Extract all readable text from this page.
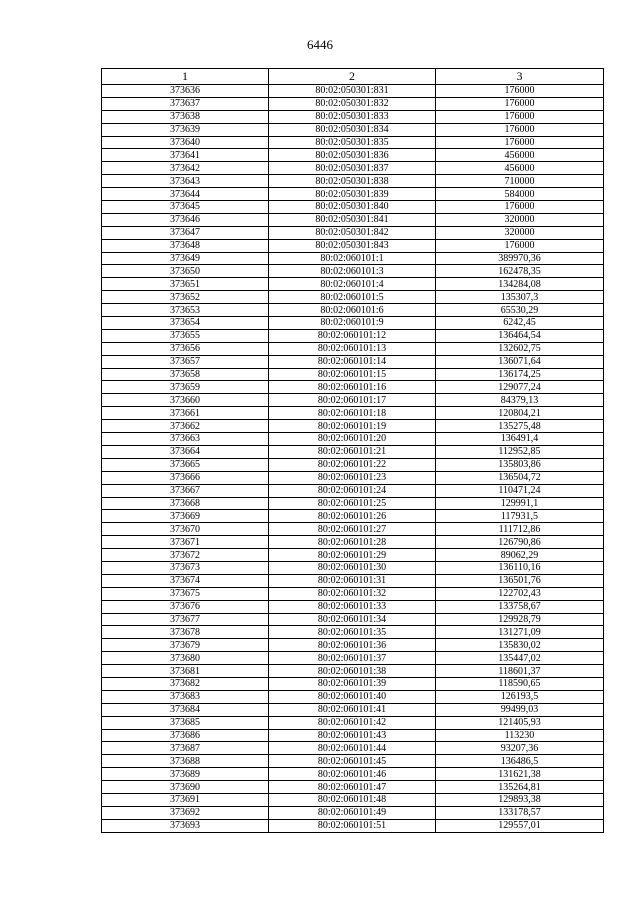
6446
1	2	3
373636	80:02:050301:831	176000
373637	80:02:050301:832	176000
373638	80:02:050301:833	176000
373639	80:02:050301:834	176000
373640	80:02:050301:835	176000
373641	80:02:050301:836	456000
373642	80:02:050301:837	456000
373643	80:02:050301:838	710000
373644	80:02:050301:839	584000
373645	80:02:050301:840	176000
373646	80:02:050301:841	320000
373647	80:02:050301:842	320000
373648	80:02:050301:843	176000
373649	80:02:060101:1	389970,36
373650	80:02:060101:3	162478,35
373651	80:02:060101:4	134284,08
373652	80:02:060101:5	135307,3
373653	80:02:060101:6	65530,29
373654	80:02:060101:9	6242,45
373655	80:02:060101:12	136464,54
373656	80:02:060101:13	132602,75
373657	80:02:060101:14	136071,64
373658	80:02:060101:15	136174,25
373659	80:02:060101:16	129077,24
373660	80:02:060101:17	84379,13
373661	80:02:060101:18	120804,21
373662	80:02:060101:19	135275,48
373663	80:02:060101:20	136491,4
373664	80:02:060101:21	112952,85
373665	80:02:060101:22	135803,86
373666	80:02:060101:23	136504,72
373667	80:02:060101:24	110471,24
373668	80:02:060101:25	129991,1
373669	80:02:060101:26	117931,5
373670	80:02:060101:27	111712,86
373671	80:02:060101:28	126790,86
373672	80:02:060101:29	89062,29
373673	80:02:060101:30	136110,16
373674	80:02:060101:31	136501,76
373675	80:02:060101:32	122702,43
373676	80:02:060101:33	133758,67
373677	80:02:060101:34	129928,79
373678	80:02:060101:35	131271,09
373679	80:02:060101:36	135830,02
373680	80:02:060101:37	135447,02
373681	80:02:060101:38	118601,37
373682	80:02:060101:39	118590,65
373683	80:02:060101:40	126193,5
373684	80:02:060101:41	99499,03
373685	80:02:060101:42	121405,93
373686	80:02:060101:43	113230
373687	80:02:060101:44	93207,36
373688	80:02:060101:45	136486,5
373689	80:02:060101:46	131621,38
373690	80:02:060101:47	135264,81
373691	80:02:060101:48	129893,38
373692	80:02:060101:49	133178,57
373693	80:02:060101:51	129557,01
